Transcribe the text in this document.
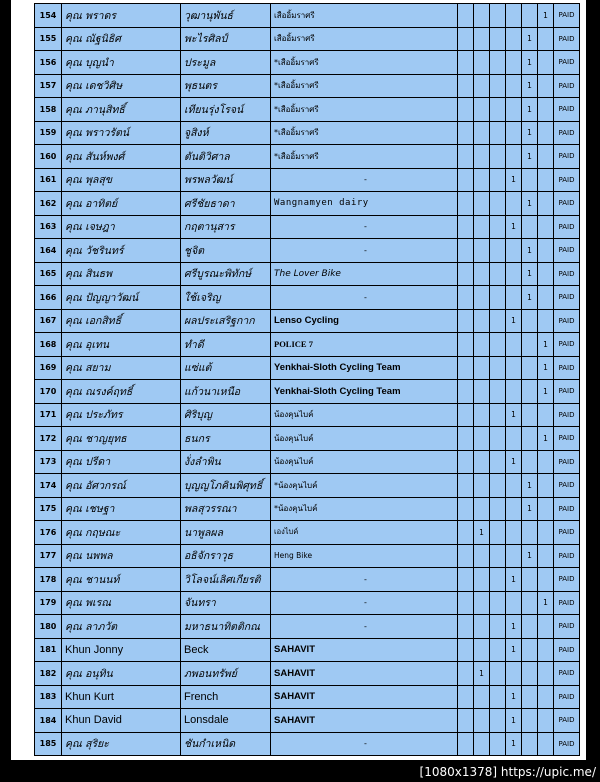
154	คุณ พราดร	วุฒานุพันธ์	เสืออิ้มราศรี						1	PAID
155	คุณ ณัฐนิธิศ	พะไรศิลป์	เสืออิ้มราศรี					1		PAID
156	คุณ บุญนำ	ประมูล	*เสืออิ้มราศรี					1		PAID
157	คุณ เดชวิศิษ	พุธนตร	*เสืออิ้มราศรี					1		PAID
158	คุณ ภานุสิทธิ์	เทียนรุ่งโรจน์	*เสืออิ้มราศรี					1		PAID
159	คุณ พราวรัตน์	จูสิงห์	*เสืออิ้มราศรี					1		PAID
160	คุณ สันห์พงศ์	ตันติวิศาล	*เสืออิ้มราศรี					1		PAID
161	คุณ พุลสุข	พรพลวัฒน์	-				1			PAID
162	คุณ อาทิตย์	ศรีชัยธาดา	Wangnamyen dairy					1		PAID
163	คุณ เจษฎา	กฤตานุสาร	-				1			PAID
164	คุณ วัชรินทร์	ชูจิต	-					1		PAID
165	คุณ สินธพ	ศรีบูรณะพิทักษ์	The Lover Bike					1		PAID
166	คุณ ปัญญาวัฒน์	ใช้เจริญ	-					1		PAID
167	คุณ เอกสิทธิ์	ผลประเสริฐกาก	Lenso Cycling				1			PAID
168	คุณ อุเทน	ทำดี	POLICE 7						1	PAID
169	คุณ สยาม	แซ่แต้	Yenkhai-Sloth Cycling Team						1	PAID
170	คุณ ณรงค์ฤทธิ์	แก้วนาเหนือ	Yenkhai-Sloth Cycling Team						1	PAID
171	คุณ ประภัทร	ศิริบุญ	น้องคุนไบค์				1			PAID
172	คุณ ชาญยุทธ	ธนกร	น้องคุนไบค์						1	PAID
173	คุณ ปรีดา	งั่งลำพิน	น้องคุนไบค์				1			PAID
174	คุณ อัศวกรณ์	บุญญโภคินพิศุทธิ์	*น้องคุนไบค์					1		PAID
175	คุณ เชษฐา	พลสุวรรณา	*น้องคุนไบค์					1		PAID
176	คุณ กฤษณะ	นาพูลผล	เองไบค์		1					PAID
177	คุณ นพพล	อธิจักราวุธ	Heng Bike					1		PAID
178	คุณ ชานนท์	วิโลจน์เลิศเกียรติ	-				1			PAID
179	คุณ พเรณ	จันทรา	-						1	PAID
180	คุณ ลาภวัต	มหาธนาทิตติกณ	-				1			PAID
181	Khun Jonny	Beck	SAHAVIT				1			PAID
182	คุณ อนุทิน	ภพอนทรัพย์	SAHAVIT		1					PAID
183	Khun Kurt	French	SAHAVIT				1			PAID
184	Khun David	Lonsdale	SAHAVIT				1			PAID
185	คุณ สุริยะ	ชันกำเหนิด	-				1			PAID
[1080x1378] https://upic.me/
